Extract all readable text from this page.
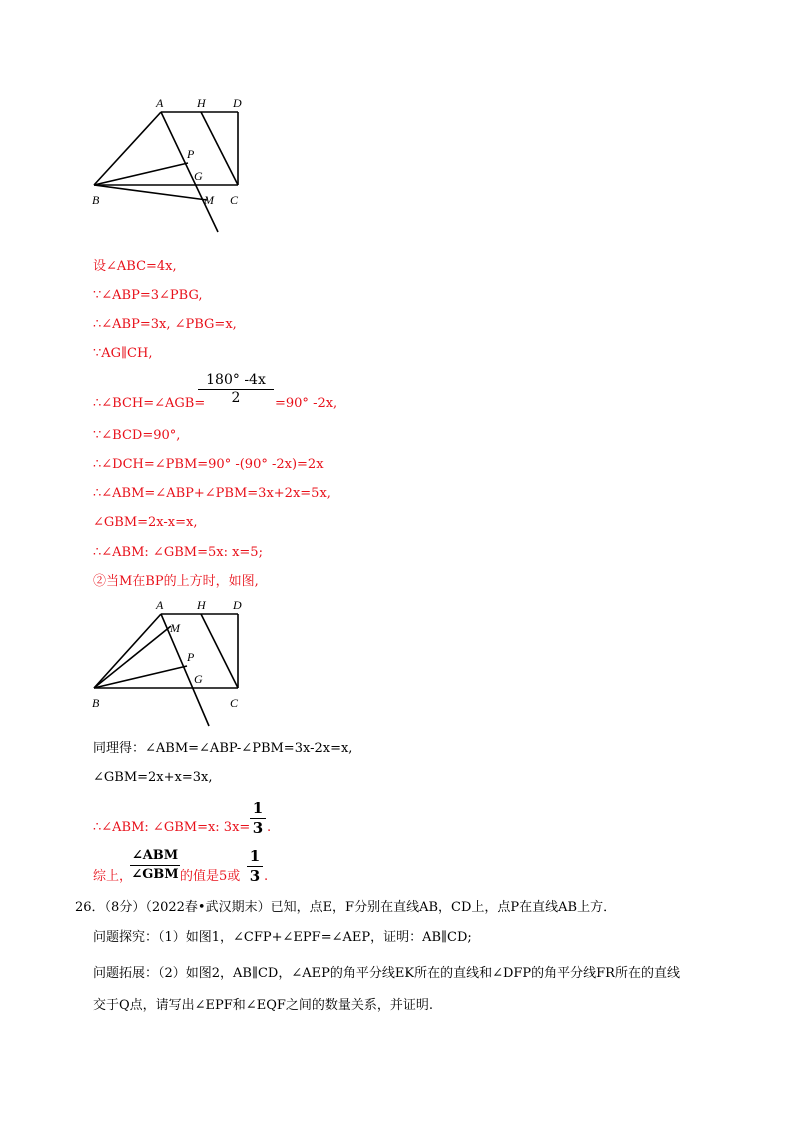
A	H D
P
G
B	M C
设∠ABC=4x,
∵∠ABP=3∠PBG,
∴∠ABP=3x, ∠PBG=x,
∵AG∥CH,
∴∠BCH=∠AGB=
180° -4x
2	=90° -2x,
∵∠BCD=90°,
∴∠DCH=∠PBM=90° -(90° -2x)=2x
∴∠ABM=∠ABP+∠PBM=3x+2x=5x,
∠GBM=2x-x=x,
∴∠ABM: ∠GBM=5x: x=5;
②当M在BP的上方时，如图,
A	H D
M
P
G
B	C
同理得：∠ABM=∠ABP-∠PBM=3x-2x=x,
∠GBM=2x+x=3x,
∴∠ABM: ∠GBM=x: 3x=
1
3 .
综上，
∠ABM
∠GBM 的值是5或
1
3 .
26．（8分）（2022春•武汉期末）已知，点E，F分别在直线AB，CD上，点P在直线AB上方．
问题探究：（1）如图1，∠CFP+∠EPF=∠AEP，证明：AB∥CD;
问题拓展：（2）如图2，AB∥CD，∠AEP的角平分线EK所在的直线和∠DFP的角平分线FR所在的直线
交于Q点，请写出∠EPF和∠EQF之间的数量关系，并证明.
